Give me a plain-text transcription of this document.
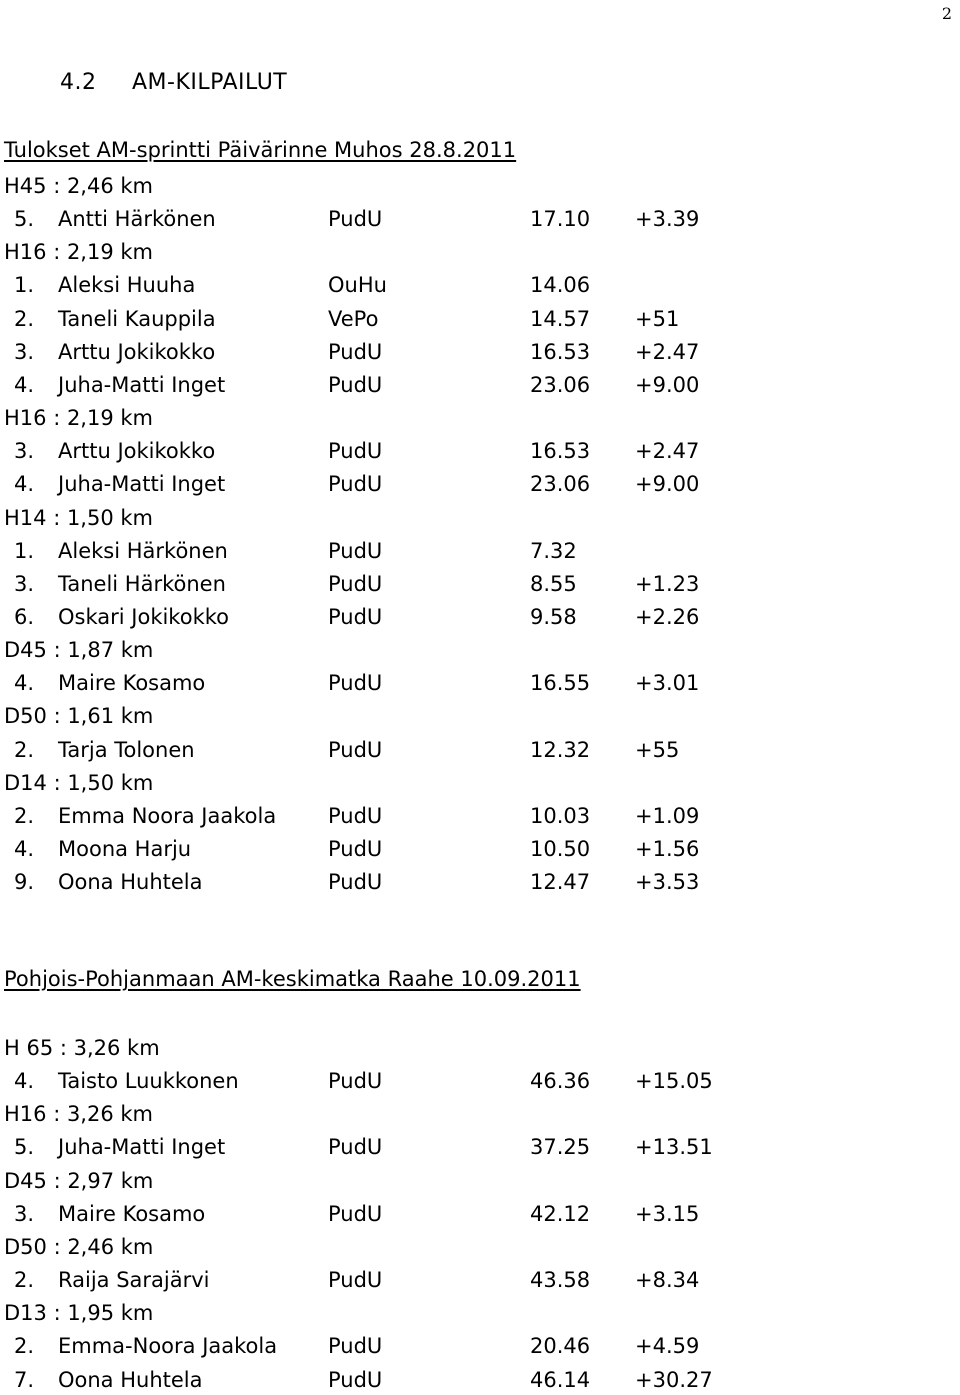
2
4.2 AM-KILPAILUT
Tulokset AM-sprintti Päivärinne Muhos 28.8.2011
H45 : 2,46 km
5. Antti Härkönen	PudU	17.10 +3.39
H16 : 2,19 km
1. Aleksi Huuha	OuHu	14.06
2. Taneli Kauppila	VePo	14.57 +51
3. Arttu Jokikokko	PudU	16.53 +2.47
4. Juha-Matti Inget	PudU	23.06 +9.00
H16 : 2,19 km
3. Arttu Jokikokko	PudU	16.53 +2.47
4. Juha-Matti Inget	PudU	23.06 +9.00
H14 : 1,50 km
1. Aleksi Härkönen	PudU	7.32
3. Taneli Härkönen	PudU	8.55	+1.23
6. Oskari Jokikokko	PudU	9.58	+2.26
D45 : 1,87 km
4. Maire Kosamo	PudU	16.55 +3.01
D50 : 1,61 km
2. Tarja Tolonen	PudU	12.32 +55
D14 : 1,50 km
2. Emma Noora Jaakola PudU	10.03 +1.09
4. Moona Harju	PudU	10.50 +1.56
9. Oona Huhtela	PudU	12.47 +3.53
Pohjois-Pohjanmaan AM-keskimatka Raahe 10.09.2011
H 65 : 3,26 km
4. Taisto Luukkonen	PudU	46.36 +15.05
H16 : 3,26 km
5. Juha-Matti Inget	PudU	37.25 +13.51
D45 : 2,97 km
3. Maire Kosamo	PudU	42.12 +3.15
D50 : 2,46 km
2. Raija Sarajärvi	PudU	43.58 +8.34
D13 : 1,95 km
2. Emma-Noora Jaakola PudU	20.46 +4.59
7. Oona Huhtela	PudU	46.14 +30.27
